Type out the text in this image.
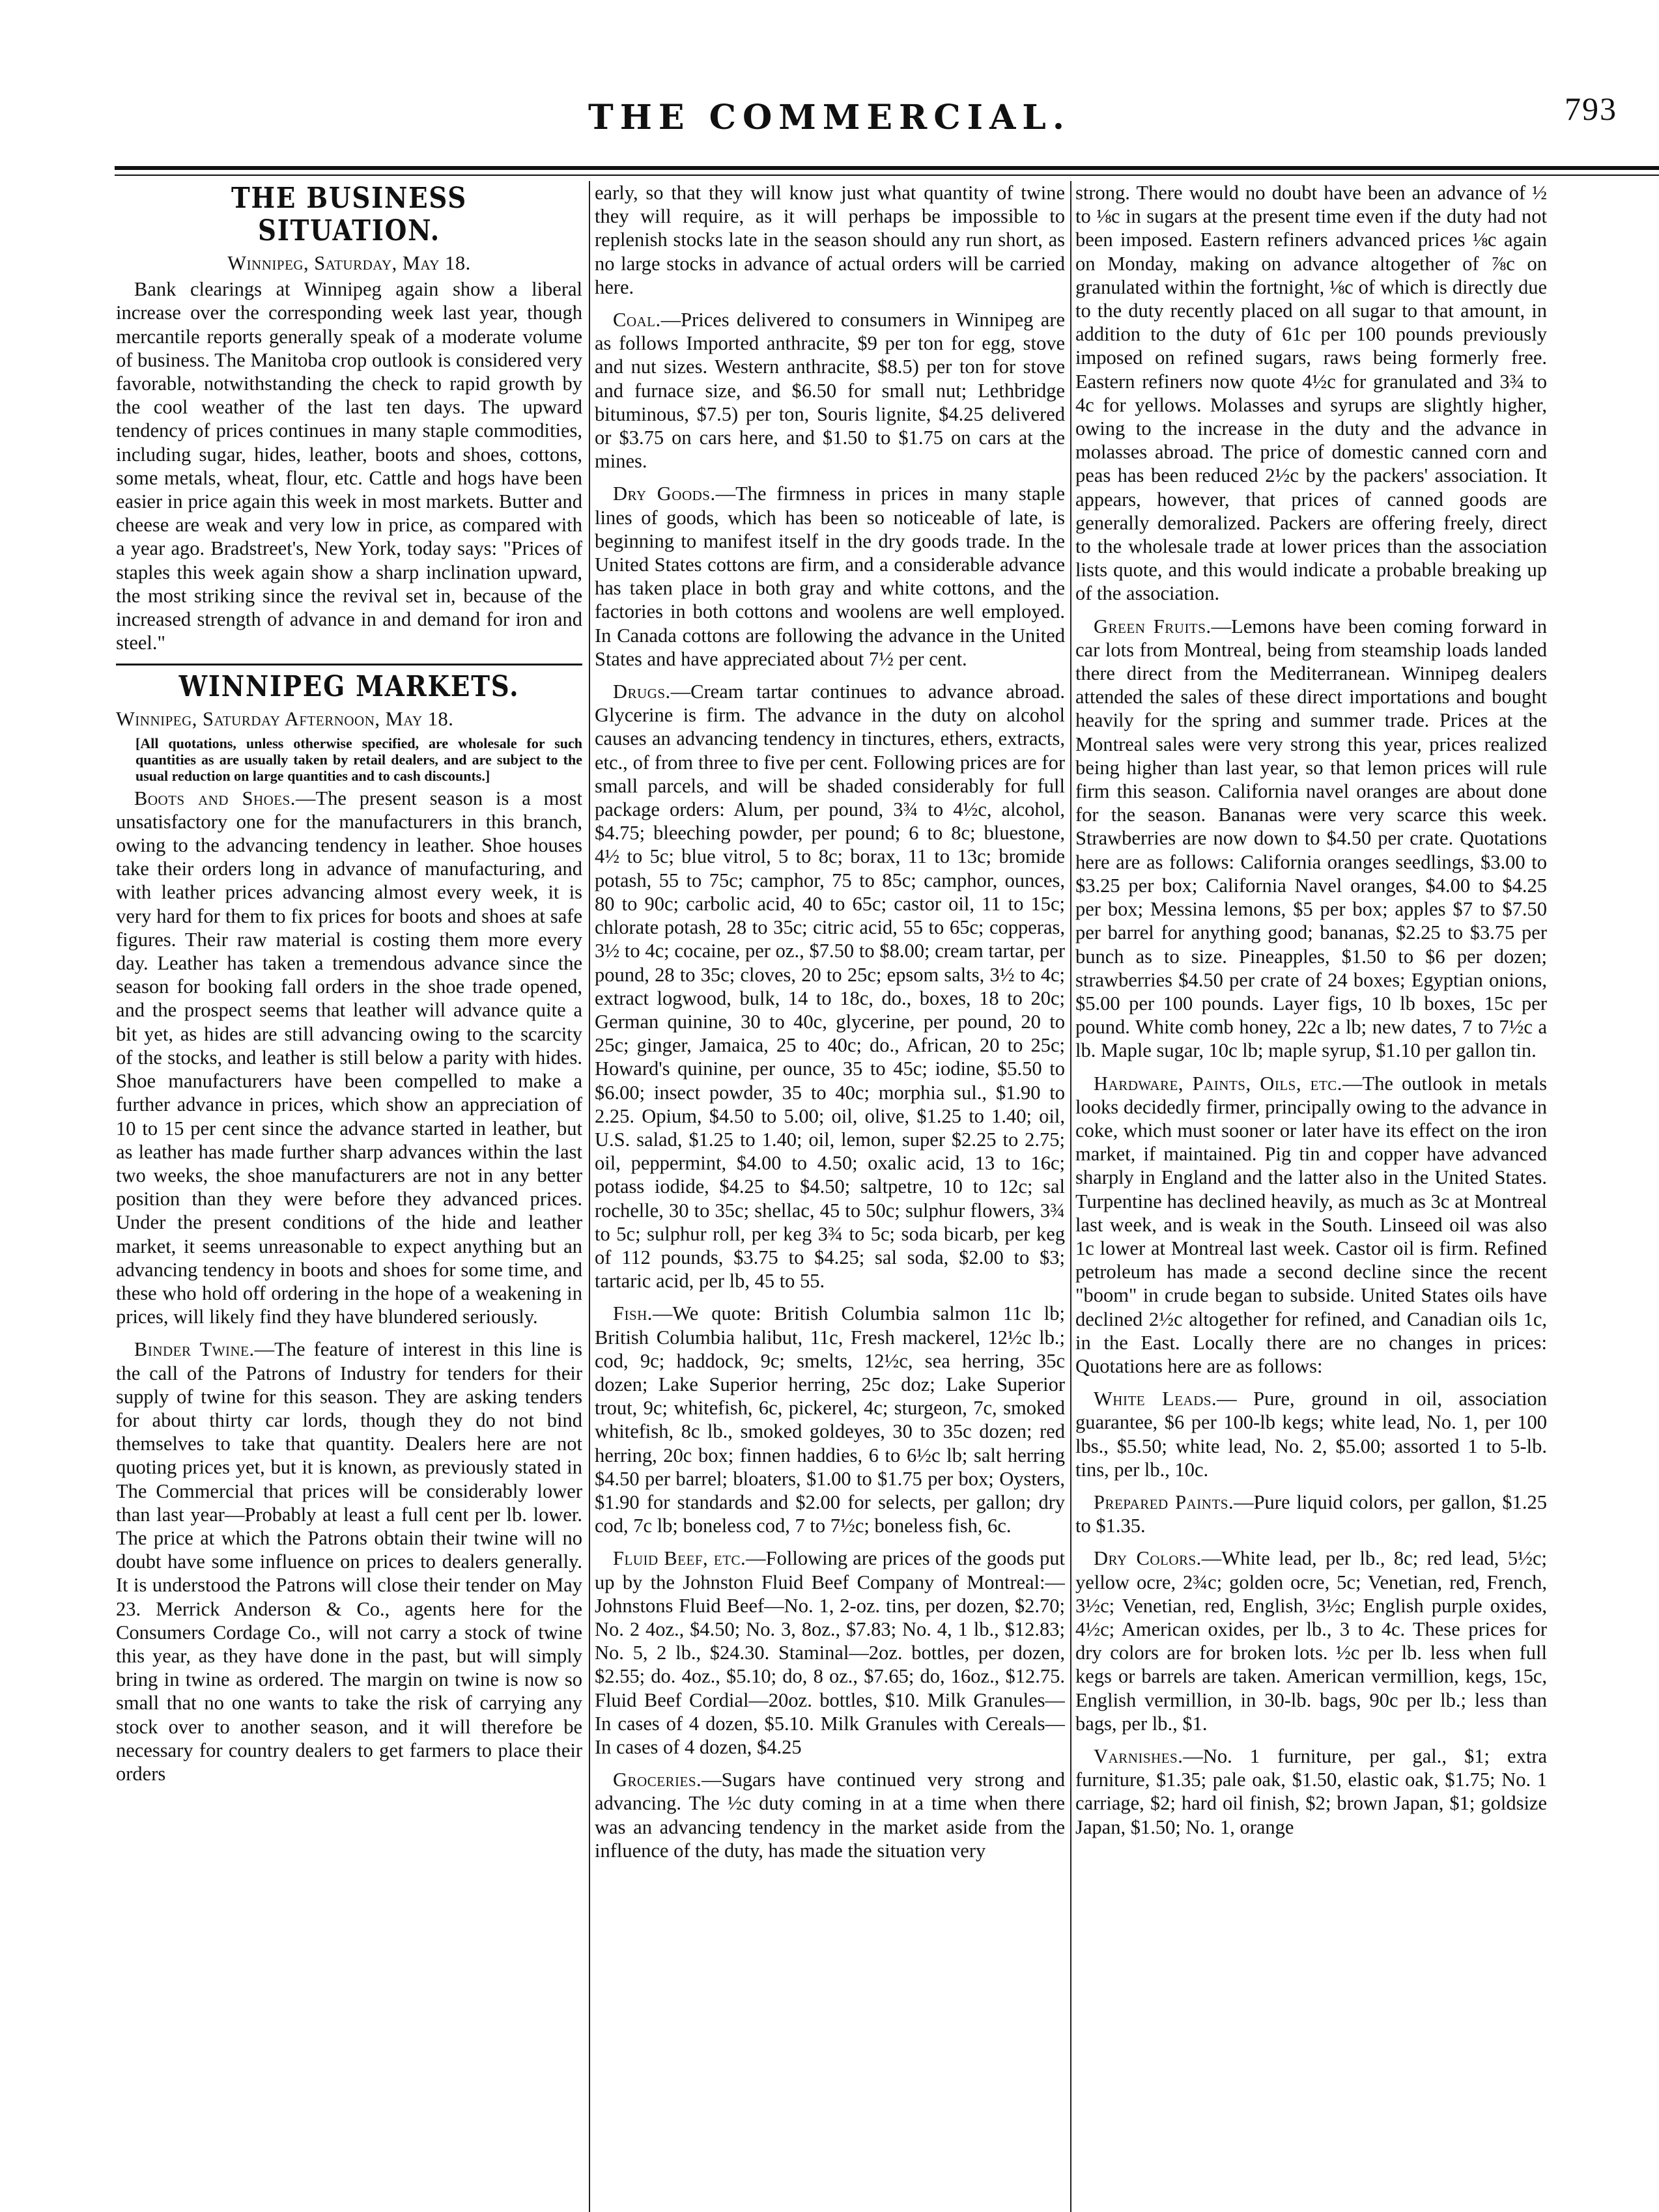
THE COMMERCIAL.	793
THE BUSINESS SITUATION.
Winnipeg, Saturday, May 18.

Bank clearings at Winnipeg again show a liberal increase over the corresponding week last year, though mercantile reports generally speak of a moderate volume of business. The Manitoba crop outlook is considered very favorable, notwithstanding the check to rapid growth by the cool weather of the last ten days. The upward tendency of prices continues in many staple commodities, including sugar, hides, leather, boots and shoes, cottons, some metals, wheat, flour, etc. Cattle and hogs have been easier in price again this week in most markets. Butter and cheese are weak and very low in price, as compared with a year ago. Bradstreet's, New York, today says: "Prices of staples this week again show a sharp inclination upward, the most striking since the revival set in, because of the increased strength of advance in and demand for iron and steel."

WINNIPEG MARKETS.
Winnipeg, Saturday Afternoon, May 18.
[All quotations, unless otherwise specified, are wholesale for such quantities as are usually taken by retail dealers, and are subject to the usual reduction on large quantities and to cash discounts.]

Boots and Shoes.—The present season is a most unsatisfactory one for the manufacturers in this branch, owing to the advancing tendency in leather. Shoe houses take their orders long in advance of manufacturing, and with leather prices advancing almost every week, it is very hard for them to fix prices for boots and shoes at safe figures. Their raw material is costing them more every day. Leather has taken a tremendous advance since the season for booking fall orders in the shoe trade opened, and the prospect seems that leather will advance quite a bit yet, as hides are still advancing owing to the scarcity of the stocks, and leather is still below a parity with hides. Shoe manufacturers have been compelled to make a further advance in prices, which show an appreciation of 10 to 15 per cent since the advance started in leather, but as leather has made further sharp advances within the last two weeks, the shoe manufacturers are not in any better position than they were before they advanced prices. Under the present conditions of the hide and leather market, it seems unreasonable to expect anything but an advancing tendency in boots and shoes for some time, and these who hold off ordering in the hope of a weakening in prices, will likely find they have blundered seriously.

Binder Twine.—The feature of interest in this line is the call of the Patrons of Industry for tenders for their supply of twine for this season. They are asking tenders for about thirty car lords, though they do not bind themselves to take that quantity. Dealers here are not quoting prices yet, but it is known, as previously stated in The Commercial that prices will be considerably lower than last year—Probably at least a full cent per lb. lower. The price at which the Patrons obtain their twine will no doubt have some influence on prices to dealers generally. It is understood the Patrons will close their tender on May 23. Merrick Anderson & Co., agents here for the Consumers Cordage Co., will not carry a stock of twine this year, as they have done in the past, but will simply bring in twine as ordered. The margin on twine is now so small that no one wants to take the risk of carrying any stock over to another season, and it will therefore be necessary for country dealers to get farmers to place their orders

early, so that they will know just what quantity of twine they will require, as it will perhaps be impossible to replenish stocks late in the season should any run short, as no large stocks in advance of actual orders will be carried here.

Coal.—Prices delivered to consumers in Winnipeg are as follows Imported anthracite, $9 per ton for egg, stove and nut sizes. Western anthracite, $8.5) per ton for stove and furnace size, and $6.50 for small nut; Lethbridge bituminous, $7.5) per ton, Souris lignite, $4.25 delivered or $3.75 on cars here, and $1.50 to $1.75 on cars at the mines.

Dry Goods.—The firmness in prices in many staple lines of goods, which has been so noticeable of late, is beginning to manifest itself in the dry goods trade. In the United States cottons are firm, and a considerable advance has taken place in both gray and white cottons, and the factories in both cottons and woolens are well employed. In Canada cottons are following the advance in the United States and have appreciated about 7½ per cent.

Drugs.—Cream tartar continues to advance abroad. Glycerine is firm. The advance in the duty on alcohol causes an advancing tendency in tinctures, ethers, extracts, etc., of from three to five per cent. Following prices are for small parcels, and will be shaded considerably for full package orders: Alum, per pound, 3¾ to 4½c, alcohol, $4.75; bleeching powder, per pound; 6 to 8c; bluestone, 4½ to 5c; blue vitrol, 5 to 8c; borax, 11 to 13c; bromide potash, 55 to 75c; camphor, 75 to 85c; camphor, ounces, 80 to 90c; carbolic acid, 40 to 65c; castor oil, 11 to 15c; chlorate potash, 28 to 35c; citric acid, 55 to 65c; copperas, 3½ to 4c; cocaine, per oz., $7.50 to $8.00; cream tartar, per pound, 28 to 35c; cloves, 20 to 25c; epsom salts, 3½ to 4c; extract logwood, bulk, 14 to 18c, do., boxes, 18 to 20c; German quinine, 30 to 40c, glycerine, per pound, 20 to 25c; ginger, Jamaica, 25 to 40c; do., African, 20 to 25c; Howard's quinine, per ounce, 35 to 45c; iodine, $5.50 to $6.00; insect powder, 35 to 40c; morphia sul., $1.90 to 2.25. Opium, $4.50 to 5.00; oil, olive, $1.25 to 1.40; oil, U.S. salad, $1.25 to 1.40; oil, lemon, super $2.25 to 2.75; oil, peppermint, $4.00 to 4.50; oxalic acid, 13 to 16c; potass iodide, $4.25 to $4.50; saltpetre, 10 to 12c; sal rochelle, 30 to 35c; shellac, 45 to 50c; sulphur flowers, 3¾ to 5c; sulphur roll, per keg 3¾ to 5c; soda bicarb, per keg of 112 pounds, $3.75 to $4.25; sal soda, $2.00 to $3; tartaric acid, per lb, 45 to 55.

Fish.—We quote: British Columbia salmon 11c lb; British Columbia halibut, 11c, Fresh mackerel, 12½c lb.; cod, 9c; haddock, 9c; smelts, 12½c, sea herring, 35c dozen; Lake Superior herring, 25c doz; Lake Superior trout, 9c; whitefish, 6c, pickerel, 4c; sturgeon, 7c, smoked whitefish, 8c lb., smoked goldeyes, 30 to 35c dozen; red herring, 20c box; finnen haddies, 6 to 6½c lb; salt herring $4.50 per barrel; bloaters, $1.00 to $1.75 per box; Oysters, $1.90 for standards and $2.00 for selects, per gallon; dry cod, 7c lb; boneless cod, 7 to 7½c; boneless fish, 6c.

Fluid Beef, etc.—Following are prices of the goods put up by the Johnston Fluid Beef Company of Montreal:—Johnstons Fluid Beef—No. 1, 2-oz. tins, per dozen, $2.70; No. 2 4oz., $4.50; No. 3, 8oz., $7.83; No. 4, 1 lb., $12.83; No. 5, 2 lb., $24.30. Staminal—2oz. bottles, per dozen, $2.55; do. 4oz., $5.10; do, 8 oz., $7.65; do, 16oz., $12.75. Fluid Beef Cordial—20oz. bottles, $10. Milk Granules—In cases of 4 dozen, $5.10. Milk Granules with Cereals—In cases of 4 dozen, $4.25

Groceries.—Sugars have continued very strong and advancing. The ½c duty coming in at a time when there was an advancing tendency in the market aside from the influence of the duty, has made the situation very

strong. There would no doubt have been an advance of ½ to ⅛c in sugars at the present time even if the duty had not been imposed. Eastern refiners advanced prices ⅛c again on Monday, making on advance altogether of ⅞c on granulated within the fortnight, ⅛c of which is directly due to the duty recently placed on all sugar to that amount, in addition to the duty of 61c per 100 pounds previously imposed on refined sugars, raws being formerly free. Eastern refiners now quote 4½c for granulated and 3¾ to 4c for yellows. Molasses and syrups are slightly higher, owing to the increase in the duty and the advance in molasses abroad. The price of domestic canned corn and peas has been reduced 2½c by the packers' association. It appears, however, that prices of canned goods are generally demoralized. Packers are offering freely, direct to the wholesale trade at lower prices than the association lists quote, and this would indicate a probable breaking up of the association.

Green Fruits.—Lemons have been coming forward in car lots from Montreal, being from steamship loads landed there direct from the Mediterranean. Winnipeg dealers attended the sales of these direct importations and bought heavily for the spring and summer trade. Prices at the Montreal sales were very strong this year, prices realized being higher than last year, so that lemon prices will rule firm this season. California navel oranges are about done for the season. Bananas were very scarce this week. Strawberries are now down to $4.50 per crate. Quotations here are as follows: California oranges seedlings, $3.00 to $3.25 per box; California Navel oranges, $4.00 to $4.25 per box; Messina lemons, $5 per box; apples $7 to $7.50 per barrel for anything good; bananas, $2.25 to $3.75 per bunch as to size. Pineapples, $1.50 to $6 per dozen; strawberries $4.50 per crate of 24 boxes; Egyptian onions, $5.00 per 100 pounds. Layer figs, 10 lb boxes, 15c per pound. White comb honey, 22c a lb; new dates, 7 to 7½c a lb. Maple sugar, 10c lb; maple syrup, $1.10 per gallon tin.

Hardware, Paints, Oils, etc.—The outlook in metals looks decidedly firmer, principally owing to the advance in coke, which must sooner or later have its effect on the iron market, if maintained. Pig tin and copper have advanced sharply in England and the latter also in the United States. Turpentine has declined heavily, as much as 3c at Montreal last week, and is weak in the South. Linseed oil was also 1c lower at Montreal last week. Castor oil is firm. Refined petroleum has made a second decline since the recent "boom" in crude began to subside. United States oils have declined 2½c altogether for refined, and Canadian oils 1c, in the East. Locally there are no changes in prices: Quotations here are as follows:

White Leads.— Pure, ground in oil, association guarantee, $6 per 100-lb kegs; white lead, No. 1, per 100 lbs., $5.50; white lead, No. 2, $5.00; assorted 1 to 5-lb. tins, per lb., 10c.

Prepared Paints.—Pure liquid colors, per gallon, $1.25 to $1.35.

Dry Colors.—White lead, per lb., 8c; red lead, 5½c; yellow ocre, 2¾c; golden ocre, 5c; Venetian, red, French, 3½c; Venetian, red, English, 3½c; English purple oxides, 4½c; American oxides, per lb., 3 to 4c. These prices for dry colors are for broken lots. ½c per lb. less when full kegs or barrels are taken. American vermillion, kegs, 15c, English vermillion, in 30-lb. bags, 90c per lb.; less than bags, per lb., $1.

Varnishes.—No. 1 furniture, per gal., $1; extra furniture, $1.35; pale oak, $1.50, elastic oak, $1.75; No. 1 carriage, $2; hard oil finish, $2; brown Japan, $1; goldsize Japan, $1.50; No. 1, orange
